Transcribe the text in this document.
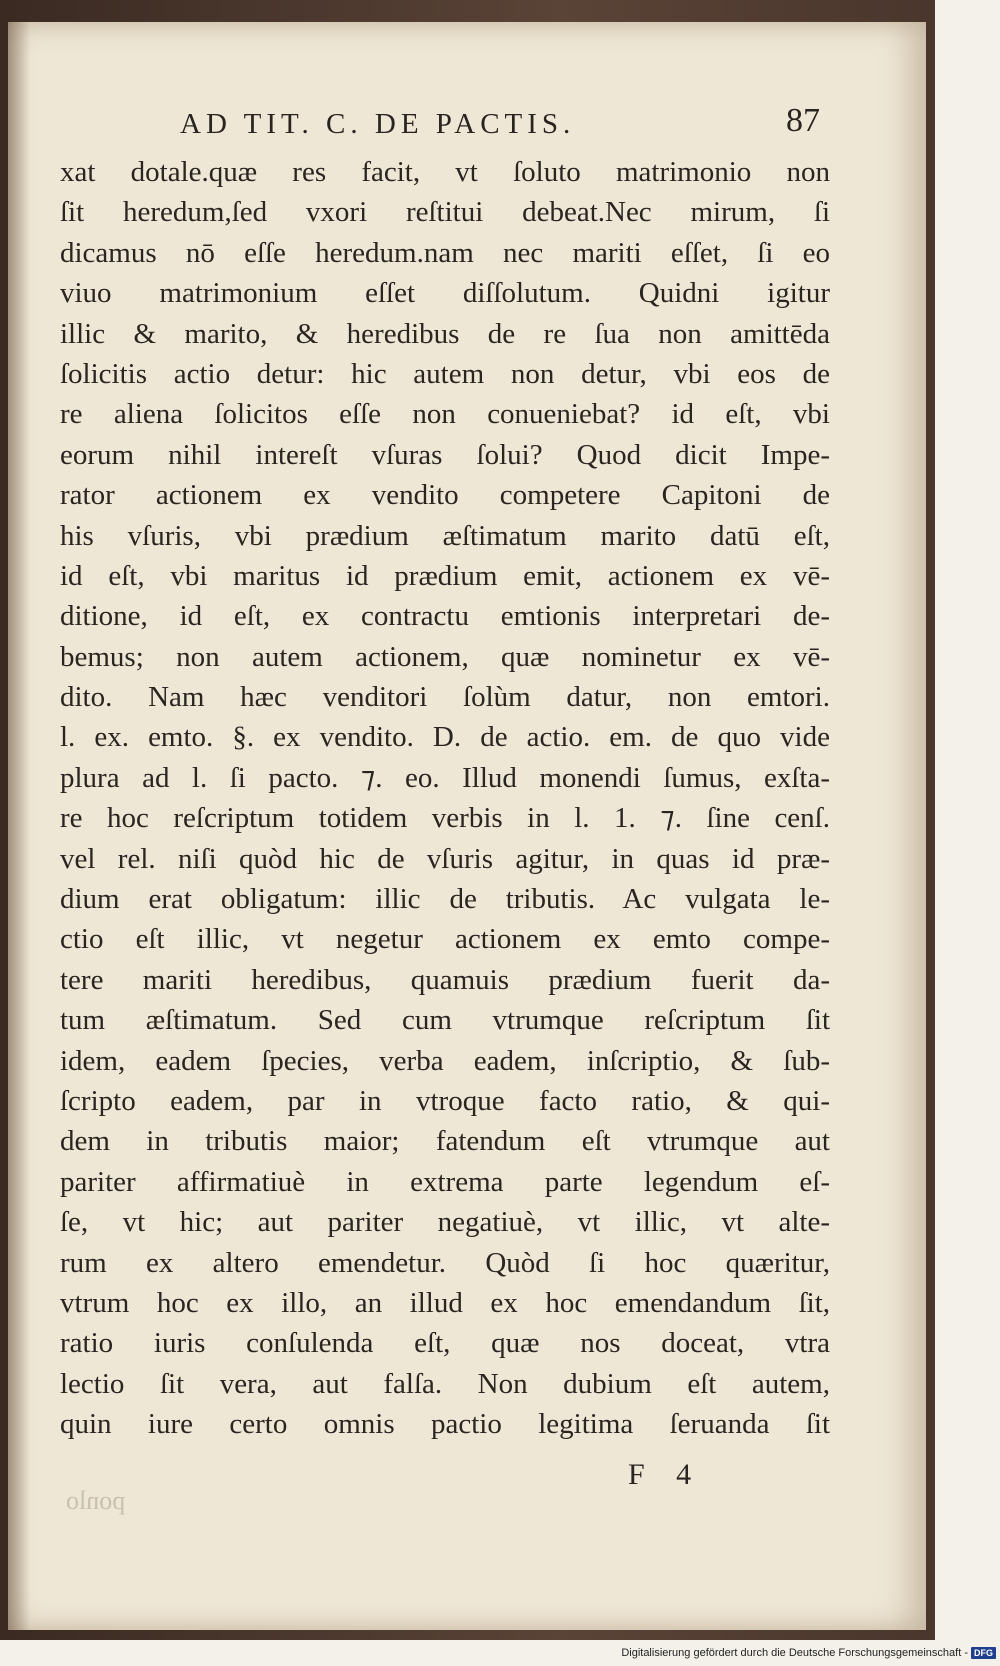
AD TIT. C. DE PACTIS.	87
xat dotale.quæ res facit, vt ſoluto matrimonio non
ſit heredum,ſed vxori reſtitui debeat.Nec mirum, ſi
dicamus nō eſſe heredum.nam nec mariti eſſet, ſi eo
viuo matrimonium eſſet diſſolutum. Quidni igitur
illic & marito, & heredibus de re ſua non amittēda
ſolicitis actio detur: hic autem non detur, vbi eos de
re aliena ſolicitos eſſe non conueniebat? id eſt, vbi
eorum nihil intereſt vſuras ſolui? Quod dicit Impe-
rator actionem ex vendito competere Capitoni de
his vſuris, vbi prædium æſtimatum marito datū eſt,
id eſt, vbi maritus id prædium emit, actionem ex vē-
ditione, id eſt, ex contractu emtionis interpretari de-
bemus; non autem actionem, quæ nominetur ex vē-
dito. Nam hæc venditori ſolùm datur, non emtori.
l. ex. emto. §. ex vendito. D. de actio. em. de quo vide
plura ad l. ſi pacto. ⁊. eo. Illud monendi ſumus, exſta-
re hoc reſcriptum totidem verbis in l. 1. ⁊. ſine cenſ.
vel rel. niſi quòd hic de vſuris agitur, in quas id præ-
dium erat obligatum: illic de tributis. Ac vulgata le-
ctio eſt illic, vt negetur actionem ex emto compe-
tere mariti heredibus, quamuis prædium fuerit da-
tum æſtimatum. Sed cum vtrumque reſcriptum ſit
idem, eadem ſpecies, verba eadem, inſcriptio, & ſub-
ſcripto eadem, par in vtroque facto ratio, & qui-
dem in tributis maior; fatendum eſt vtrumque aut
pariter affirmatiuè in extrema parte legendum eſ-
ſe, vt hic; aut pariter negatiuè, vt illic, vt alte-
rum ex altero emendetur. Quòd ſi hoc quæritur,
vtrum hoc ex illo, an illud ex hoc emendandum ſit,
ratio iuris conſulenda eſt, quæ nos doceat, vtra
lectio ſit vera, aut falſa. Non dubium eſt autem,
quin iure certo omnis pactio legitima ſeruanda ſit
F 4
ponlo
Digitalisierung gefördert durch die Deutsche Forschungsgemeinschaft - DFG
